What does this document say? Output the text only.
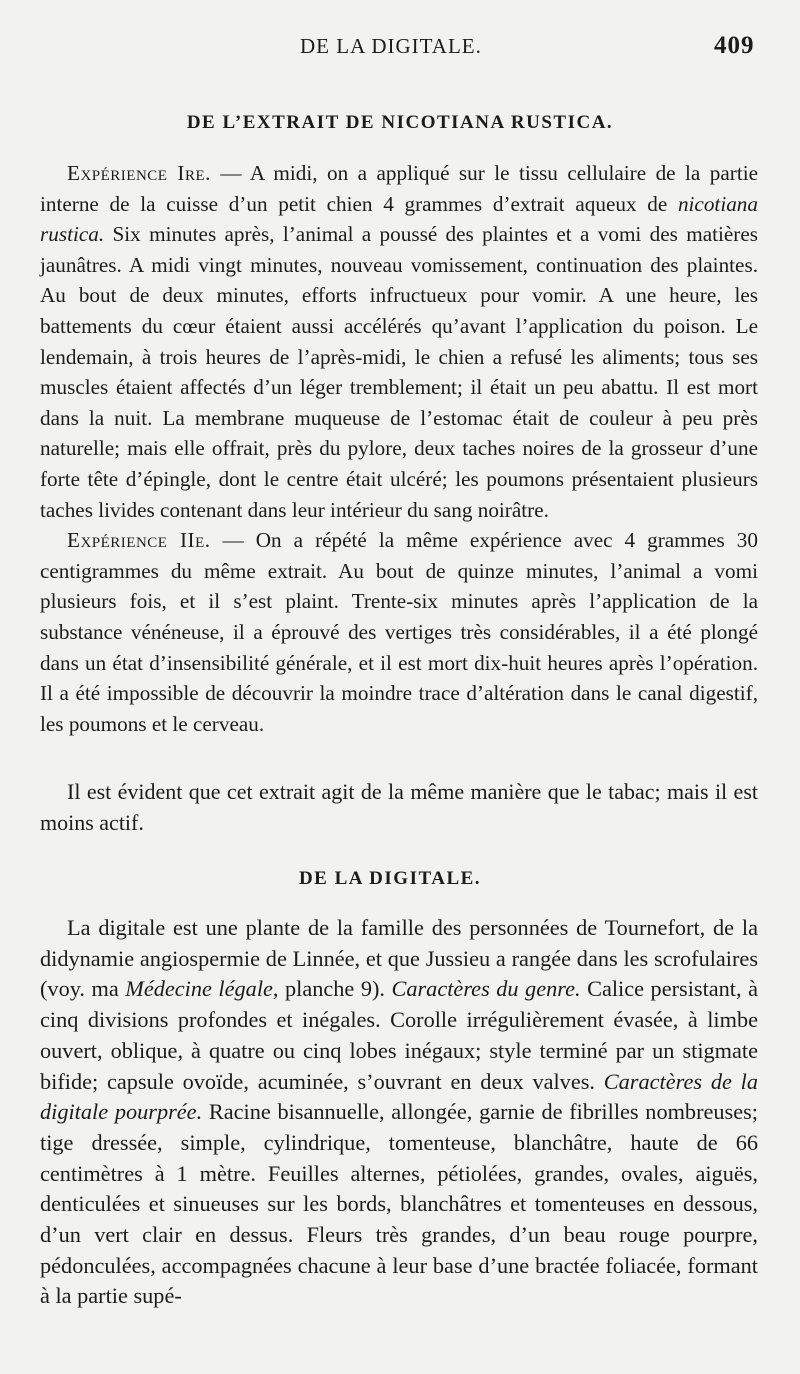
DE LA DIGITALE.	409
DE L’EXTRAIT DE NICOTIANA RUSTICA.

Expérience Ire. — A midi, on a appliqué sur le tissu cellulaire de la partie interne de la cuisse d’un petit chien 4 grammes d’extrait aqueux de nicotiana rustica. Six minutes après, l’animal a poussé des plaintes et a vomi des matières jaunâtres. A midi vingt minutes, nouveau vomissement, continuation des plaintes. Au bout de deux minutes, efforts infructueux pour vomir. A une heure, les battements du cœur étaient aussi accélérés qu’avant l’application du poison. Le lendemain, à trois heures de l’après-midi, le chien a refusé les aliments; tous ses muscles étaient affectés d’un léger tremblement; il était un peu abattu. Il est mort dans la nuit. La membrane muqueuse de l’estomac était de couleur à peu près naturelle; mais elle offrait, près du pylore, deux taches noires de la grosseur d’une forte tête d’épingle, dont le centre était ulcéré; les poumons présentaient plusieurs taches livides contenant dans leur intérieur du sang noirâtre.

Expérience IIe. — On a répété la même expérience avec 4 grammes 30 centigrammes du même extrait. Au bout de quinze minutes, l’animal a vomi plusieurs fois, et il s’est plaint. Trente-six minutes après l’application de la substance vénéneuse, il a éprouvé des vertiges très considérables, il a été plongé dans un état d’insensibilité générale, et il est mort dix-huit heures après l’opération. Il a été impossible de découvrir la moindre trace d’altération dans le canal digestif, les poumons et le cerveau.

Il est évident que cet extrait agit de la même manière que le tabac; mais il est moins actif.

DE LA DIGITALE.

La digitale est une plante de la famille des personnées de Tournefort, de la didynamie angiospermie de Linnée, et que Jussieu a rangée dans les scrofulaires (voy. ma Médecine légale, planche 9). Caractères du genre. Calice persistant, à cinq divisions profondes et inégales. Corolle irrégulièrement évasée, à limbe ouvert, oblique, à quatre ou cinq lobes inégaux; style terminé par un stigmate bifide; capsule ovoïde, acuminée, s’ouvrant en deux valves. Caractères de la digitale pourprée. Racine bisannuelle, allongée, garnie de fibrilles nombreuses; tige dressée, simple, cylindrique, tomenteuse, blanchâtre, haute de 66 centimètres à 1 mètre. Feuilles alternes, pétiolées, grandes, ovales, aiguës, denticulées et sinueuses sur les bords, blanchâtres et tomenteuses en dessous, d’un vert clair en dessus. Fleurs très grandes, d’un beau rouge pourpre, pédonculées, accompagnées chacune à leur base d’une bractée foliacée, formant à la partie supé-
